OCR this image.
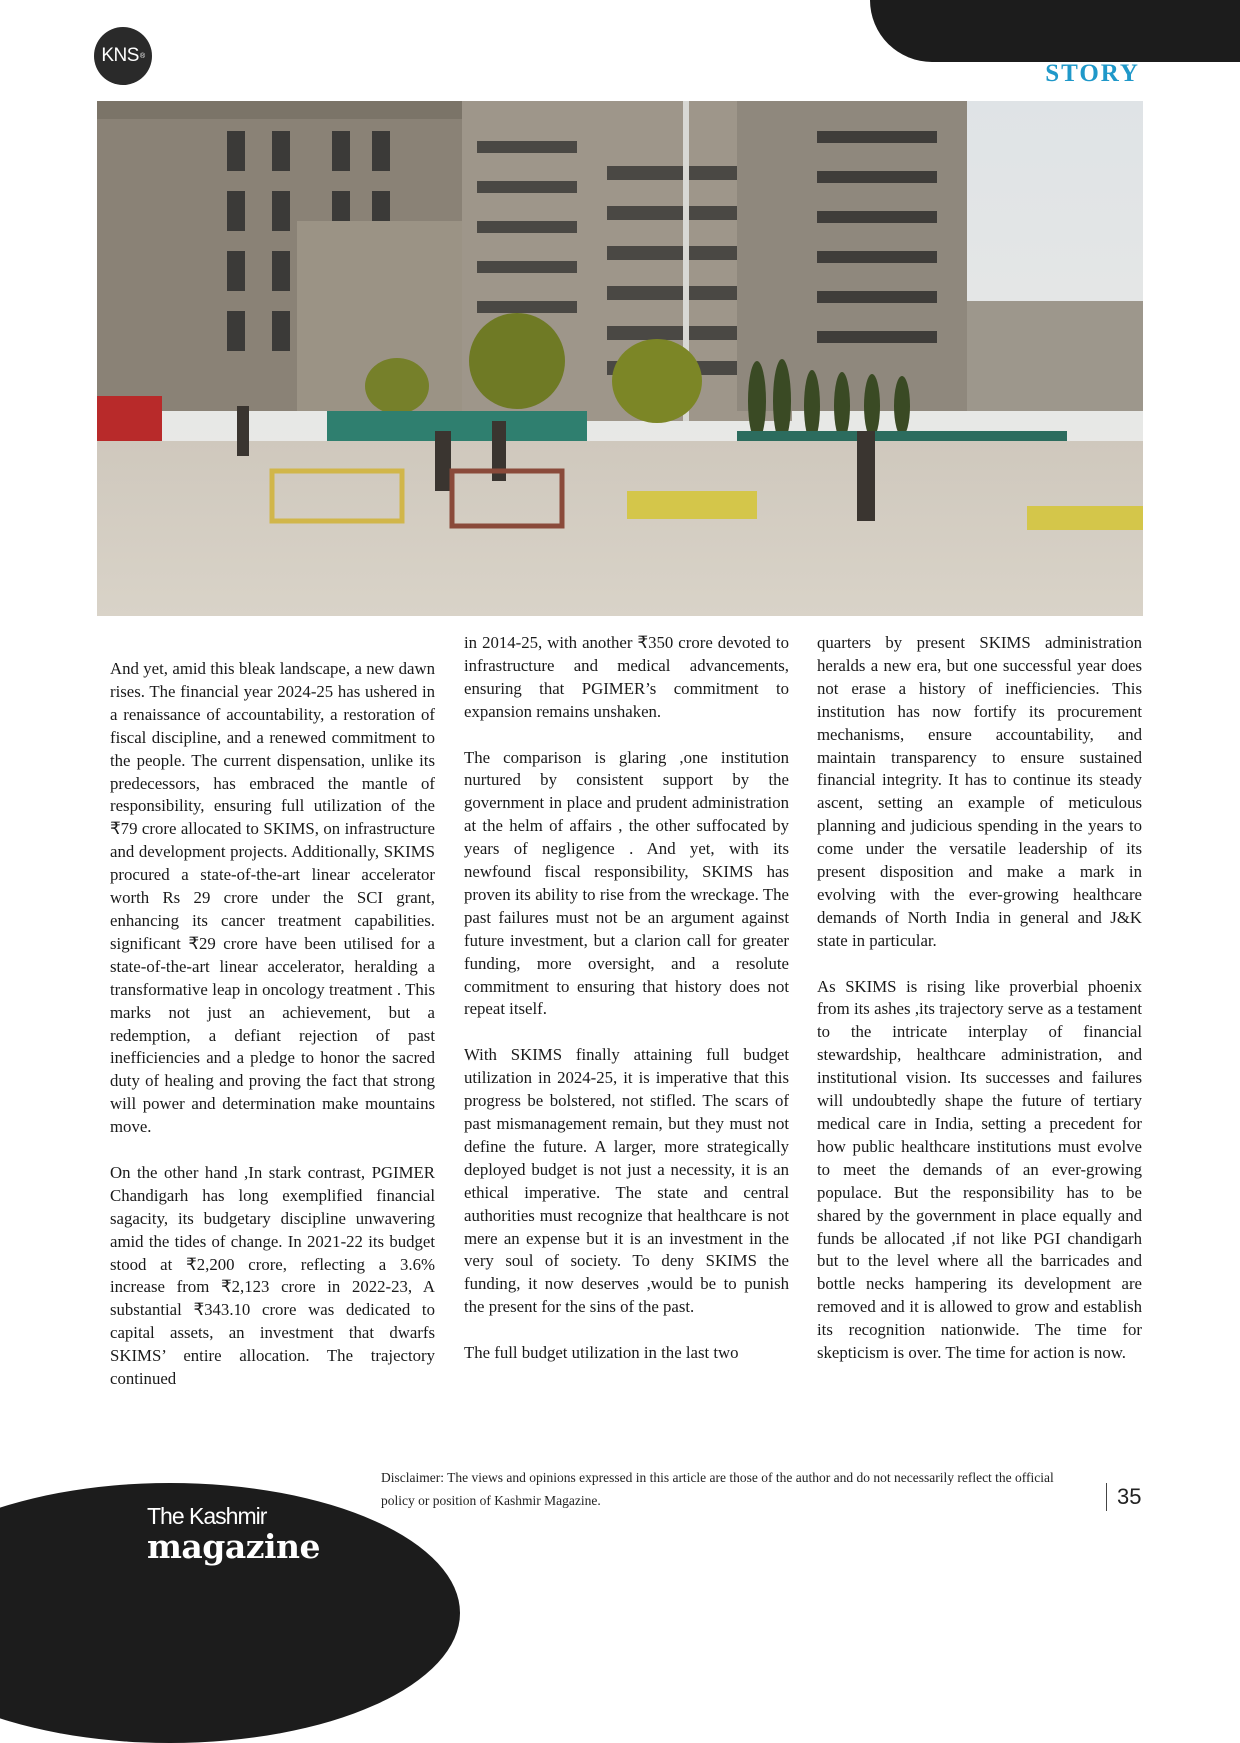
KNS ®
STORY

And yet, amid this bleak landscape, a new dawn rises. The financial year 2024-25 has ushered in a renaissance of accountability, a restoration of fiscal discipline, and a renewed commitment to the people. The current dispensation, unlike its predecessors, has embraced the mantle of responsibility, ensuring full utilization of the ₹79 crore allocated to SKIMS, on infrastructure and development projects. Additionally, SKIMS procured a state-of-the-art linear accelerator worth Rs 29 crore under the SCI grant, enhancing its cancer treatment capabilities. significant ₹29 crore have been utilised for a state-of-the-art linear accelerator, heralding a transformative leap in oncology treatment . This marks not just an achievement, but a redemption, a defiant rejection of past inefficiencies and a pledge to honor the sacred duty of healing and proving the fact that strong will power and determination make mountains move.

On the other hand ,In stark contrast, PGIMER Chandigarh has long exemplified financial sagacity, its budgetary discipline unwavering amid the tides of change. In 2021-22 its budget stood at ₹2,200 crore, reflecting a 3.6% increase from ₹2,123 crore in 2022-23, A substantial ₹343.10 crore was dedicated to capital assets, an investment that dwarfs SKIMS’ entire allocation. The trajectory continued

in 2014-25, with another ₹350 crore devoted to infrastructure and medical advancements, ensuring that PGIMER’s commitment to expansion remains unshaken.

The comparison is glaring ,one institution nurtured by consistent support by the government in place and prudent administration at the helm of affairs , the other suffocated by years of negligence . And yet, with its newfound fiscal responsibility, SKIMS has proven its ability to rise from the wreckage. The past failures must not be an argument against future investment, but a clarion call for greater funding, more oversight, and a resolute commitment to ensuring that history does not repeat itself.

With SKIMS finally attaining full budget utilization in 2024-25, it is imperative that this progress be bolstered, not stifled. The scars of past mismanagement remain, but they must not define the future. A larger, more strategically deployed budget is not just a necessity, it is an ethical imperative. The state and central authorities must recognize that healthcare is not mere an expense but it is an investment in the very soul of society. To deny SKIMS the funding, it now deserves ,would be to punish the present for the sins of the past.

The full budget utilization in the last two

quarters by present SKIMS administration heralds a new era, but one successful year does not erase a history of inefficiencies. This institution has now fortify its procurement mechanisms, ensure accountability, and maintain transparency to ensure sustained financial integrity. It has to continue its steady ascent, setting an example of meticulous planning and judicious spending in the years to come under the versatile leadership of its present disposition and make a mark in evolving with the ever-growing healthcare demands of North India in general and J&K state in particular.

As SKIMS is rising like proverbial phoenix from its ashes ,its trajectory serve as a testament to the intricate interplay of financial stewardship, healthcare administration, and institutional vision. Its successes and failures will undoubtedly shape the future of tertiary medical care in India, setting a precedent for how public healthcare institutions must evolve to meet the demands of an ever-growing populace. But the responsibility has to be shared by the government in place equally and funds be allocated ,if not like PGI chandigarh but to the level where all the barricades and bottle necks hampering its development are removed and it is allowed to grow and establish its recognition nationwide. The time for skepticism is over. The time for action is now.

Disclaimer: The views and opinions expressed in this article are those of the author and do not necessarily reflect the official policy or position of Kashmir Magazine.	35
The Kashmir
magazine
